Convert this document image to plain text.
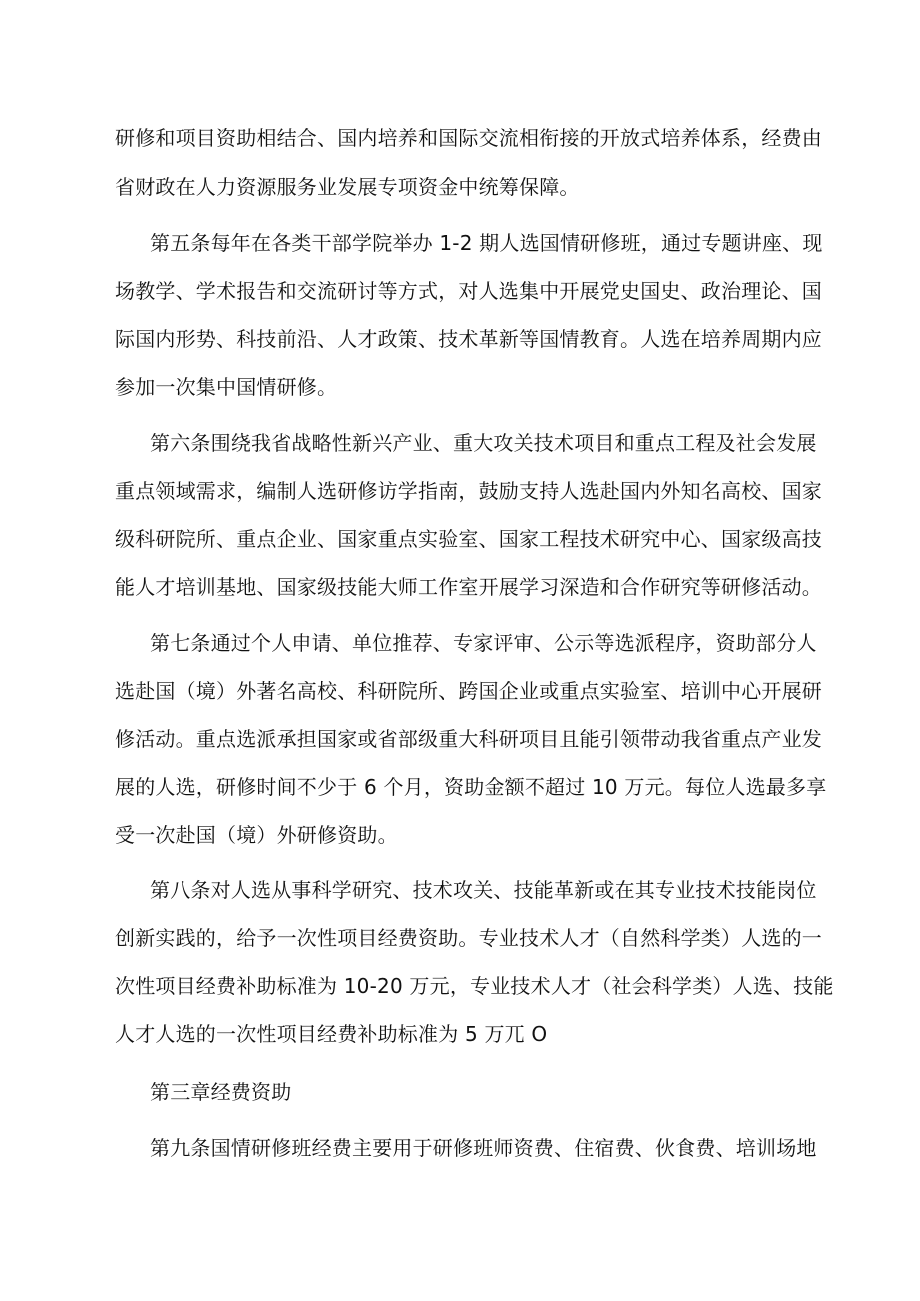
研修和项目资助相结合、国内培养和国际交流相衔接的开放式培养体系，经费由
省财政在人力资源服务业发展专项资金中统筹保障。
第五条每年在各类干部学院举办 1-2 期人选国情研修班，通过专题讲座、现
场教学、学术报告和交流研讨等方式，对人选集中开展党史国史、政治理论、国
际国内形势、科技前沿、人才政策、技术革新等国情教育。人选在培养周期内应
参加一次集中国情研修。
第六条围绕我省战略性新兴产业、重大攻关技术项目和重点工程及社会发展
重点领域需求，编制人选研修访学指南，鼓励支持人选赴国内外知名高校、国家
级科研院所、重点企业、国家重点实验室、国家工程技术研究中心、国家级高技
能人才培训基地、国家级技能大师工作室开展学习深造和合作研究等研修活动。
第七条通过个人申请、单位推荐、专家评审、公示等选派程序，资助部分人
选赴国（境）外著名高校、科研院所、跨国企业或重点实验室、培训中心开展研
修活动。重点选派承担国家或省部级重大科研项目且能引领带动我省重点产业发
展的人选，研修时间不少于 6 个月，资助金额不超过 10 万元。每位人选最多享
受一次赴国（境）外研修资助。
第八条对人选从事科学研究、技术攻关、技能革新或在其专业技术技能岗位
创新实践的，给予一次性项目经费资助。专业技术人才（自然科学类）人选的一
次性项目经费补助标准为 10-20 万元，专业技术人才（社会科学类）人选、技能
人才人选的一次性项目经费补助标准为 5 万兀 O
第三章经费资助
第九条国情研修班经费主要用于研修班师资费、住宿费、伙食费、培训场地
